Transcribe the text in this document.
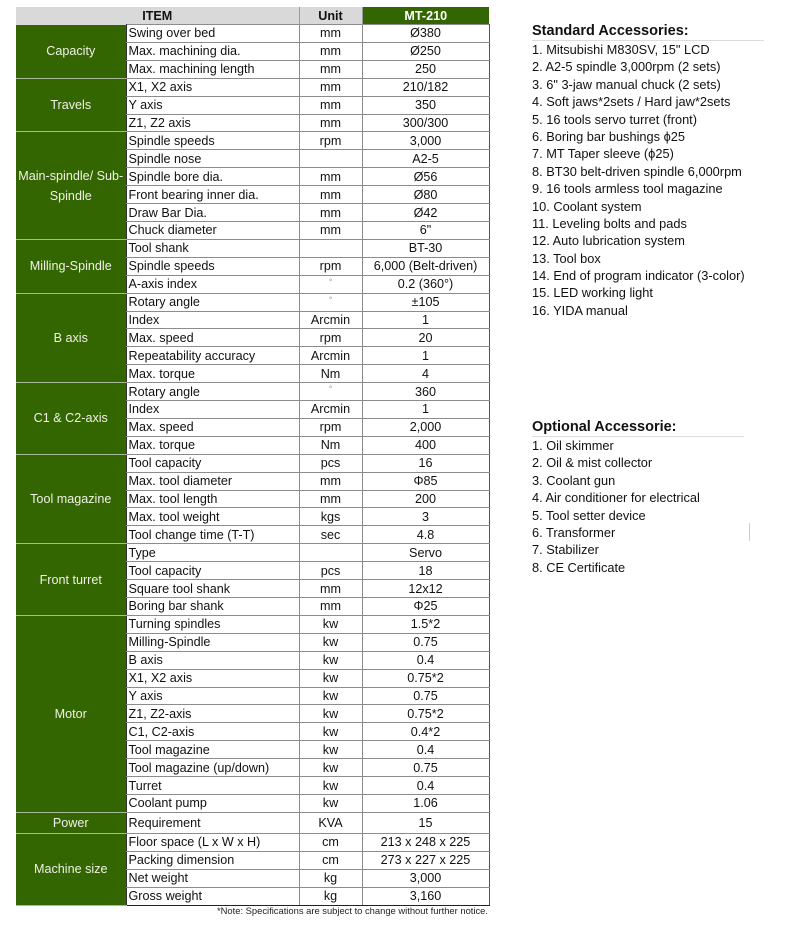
ITEM		Unit	MT-210
Capacity	Swing over bed	mm	Ø380
	Max. machining dia.	mm	Ø250
	Max. machining length	mm	250
Travels	X1, X2 axis	mm	210/182
	Y axis	mm	350
	Z1, Z2 axis	mm	300/300
Main-spindle/ Sub-Spindle	Spindle speeds	rpm	3,000
	Spindle nose		A2-5
	Spindle bore dia.	mm	Ø56
	Front bearing inner dia.	mm	Ø80
	Draw Bar Dia.	mm	Ø42
	Chuck diameter	mm	6"
Milling-Spindle	Tool shank		BT-30
	Spindle speeds	rpm	6,000 (Belt-driven)
	A-axis index	°	0.2 (360°)
B axis	Rotary angle	°	±105
	Index	Arcmin	1
	Max. speed	rpm	20
	Repeatability accuracy	Arcmin	1
	Max. torque	Nm	4
C1 & C2-axis	Rotary angle	°	360
	Index	Arcmin	1
	Max. speed	rpm	2,000
	Max. torque	Nm	400
Tool magazine	Tool capacity	pcs	16
	Max. tool diameter	mm	Φ85
	Max. tool length	mm	200
	Max. tool weight	kgs	3
	Tool change time (T-T)	sec	4.8
Front turret	Type		Servo
	Tool capacity	pcs	18
	Square tool shank	mm	12x12
	Boring bar shank	mm	Φ25
Motor	Turning spindles	kw	1.5*2
	Milling-Spindle	kw	0.75
	B axis	kw	0.4
	X1, X2 axis	kw	0.75*2
	Y axis	kw	0.75
	Z1, Z2-axis	kw	0.75*2
	C1, C2-axis	kw	0.4*2
	Tool magazine	kw	0.4
	Tool magazine (up/down)	kw	0.75
	Turret	kw	0.4
	Coolant pump	kw	1.06
Power	Requirement	KVA	15
Machine size	Floor space (L x W x H)	cm	213 x 248 x 225
	Packing dimension	cm	273 x 227 x 225
	Net weight	kg	3,000
	Gross weight	kg	3,160
*Note: Specifications are subject to change without further notice.
Standard Accessories:
1. Mitsubishi M830SV, 15" LCD
2. A2-5 spindle 3,000rpm (2 sets)
3. 6" 3-jaw manual chuck (2 sets)
4. Soft jaws*2sets / Hard jaw*2sets
5. 16 tools servo turret (front)
6. Boring bar bushings ϕ25
7. MT Taper sleeve (ϕ25)
8. BT30 belt-driven spindle 6,000rpm
9. 16 tools armless tool magazine
10. Coolant system
11. Leveling bolts and pads
12. Auto lubrication system
13. Tool box
14. End of program indicator (3-color)
15. LED working light
16. YIDA manual
Optional Accessorie:
1. Oil skimmer
2. Oil & mist collector
3. Coolant gun
4. Air conditioner for electrical
5. Tool setter device
6. Transformer
7. Stabilizer
8. CE Certificate
